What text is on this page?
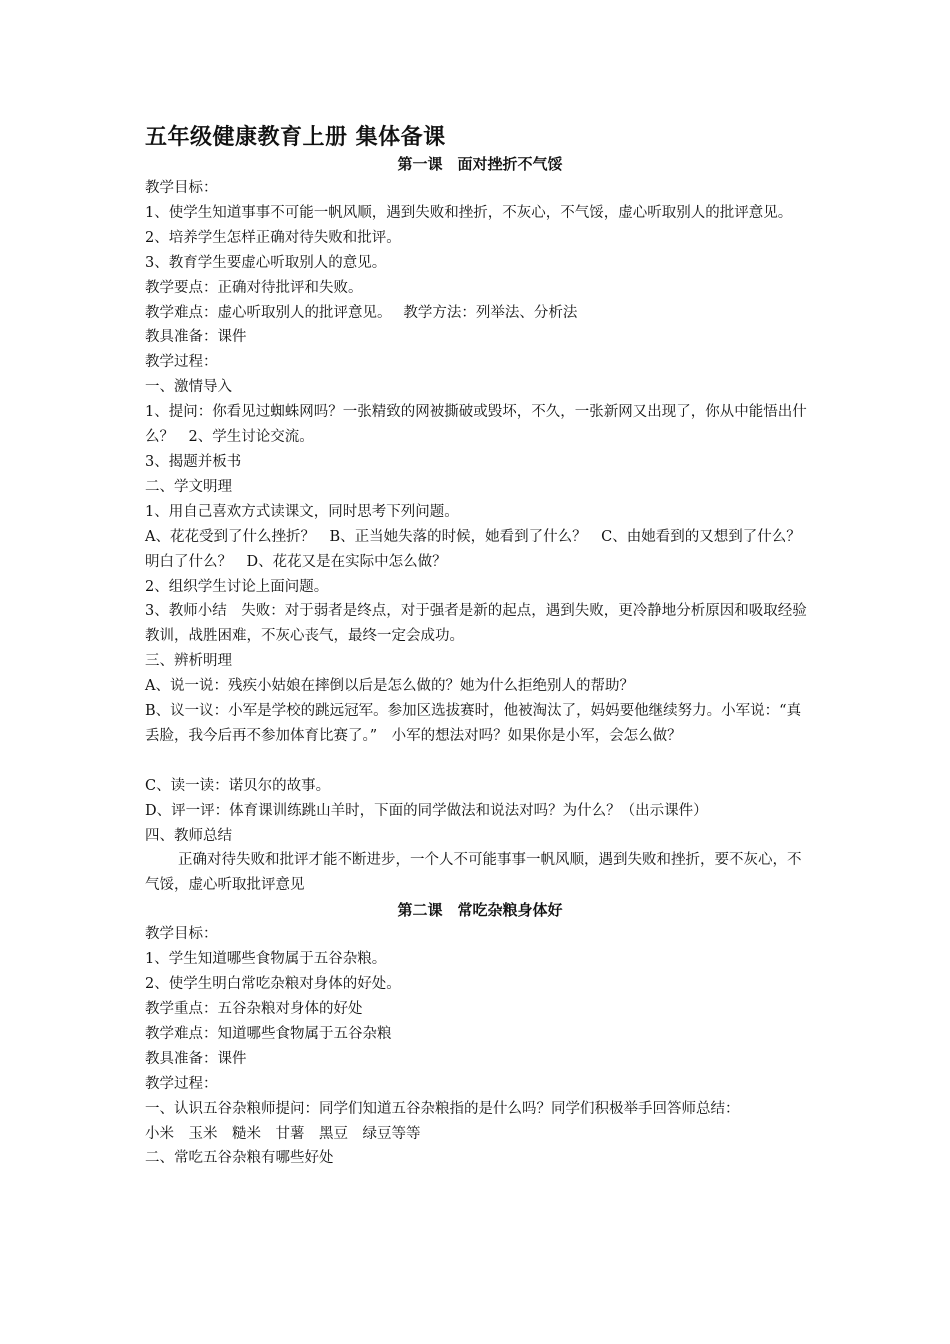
五年级健康教育上册 集体备课
第一课　面对挫折不气馁

教学目标：

1、使学生知道事事不可能一帆风顺，遇到失败和挫折，不灰心，不气馁，虚心听取别人的批评意见。

2、培养学生怎样正确对待失败和批评。

3、教育学生要虚心听取别人的意见。

教学要点：正确对待批评和失败。

教学难点：虚心听取别人的批评意见。　 教学方法：列举法、分析法

教具准备：课件

教学过程：

一、激情导入

1、提问：你看见过蜘蛛网吗？一张精致的网被撕破或毁坏，不久，一张新网又出现了，你从中能悟出什么？　2、学生讨论交流。

3、揭题并板书

二、学文明理

1、用自己喜欢方式读课文，同时思考下列问题。

A、花花受到了什么挫折？　B、正当她失落的时候，她看到了什么？　C、由她看到的又想到了什么？明白了什么？　D、花花又是在实际中怎么做？

2、组织学生讨论上面问题。

3、教师小结　失败：对于弱者是终点，对于强者是新的起点，遇到失败，更冷静地分析原因和吸取经验教训，战胜困难，不灰心丧气，最终一定会成功。

三、辨析明理

A、说一说：残疾小姑娘在摔倒以后是怎么做的？她为什么拒绝别人的帮助？

B、议一议：小军是学校的跳远冠军。参加区选拔赛时，他被淘汰了，妈妈要他继续努力。小军说：“真丢脸，我今后再不参加体育比赛了。”　小军的想法对吗？如果你是小军，会怎么做？

C、读一读：诺贝尔的故事。

D、评一评：体育课训练跳山羊时，下面的同学做法和说法对吗？为什么？（出示课件）

四、教师总结

正确对待失败和批评才能不断进步，一个人不可能事事一帆风顺，遇到失败和挫折，要不灰心，不气馁，虚心听取批评意见

第二课　常吃杂粮身体好

教学目标：

1、学生知道哪些食物属于五谷杂粮。

2、使学生明白常吃杂粮对身体的好处。

教学重点：五谷杂粮对身体的好处

教学难点：知道哪些食物属于五谷杂粮

教具准备：课件

教学过程：

一、认识五谷杂粮师提问：同学们知道五谷杂粮指的是什么吗？同学们积极举手回答师总结：

小米　玉米　糙米　甘薯　黑豆　绿豆等等

二、常吃五谷杂粮有哪些好处
